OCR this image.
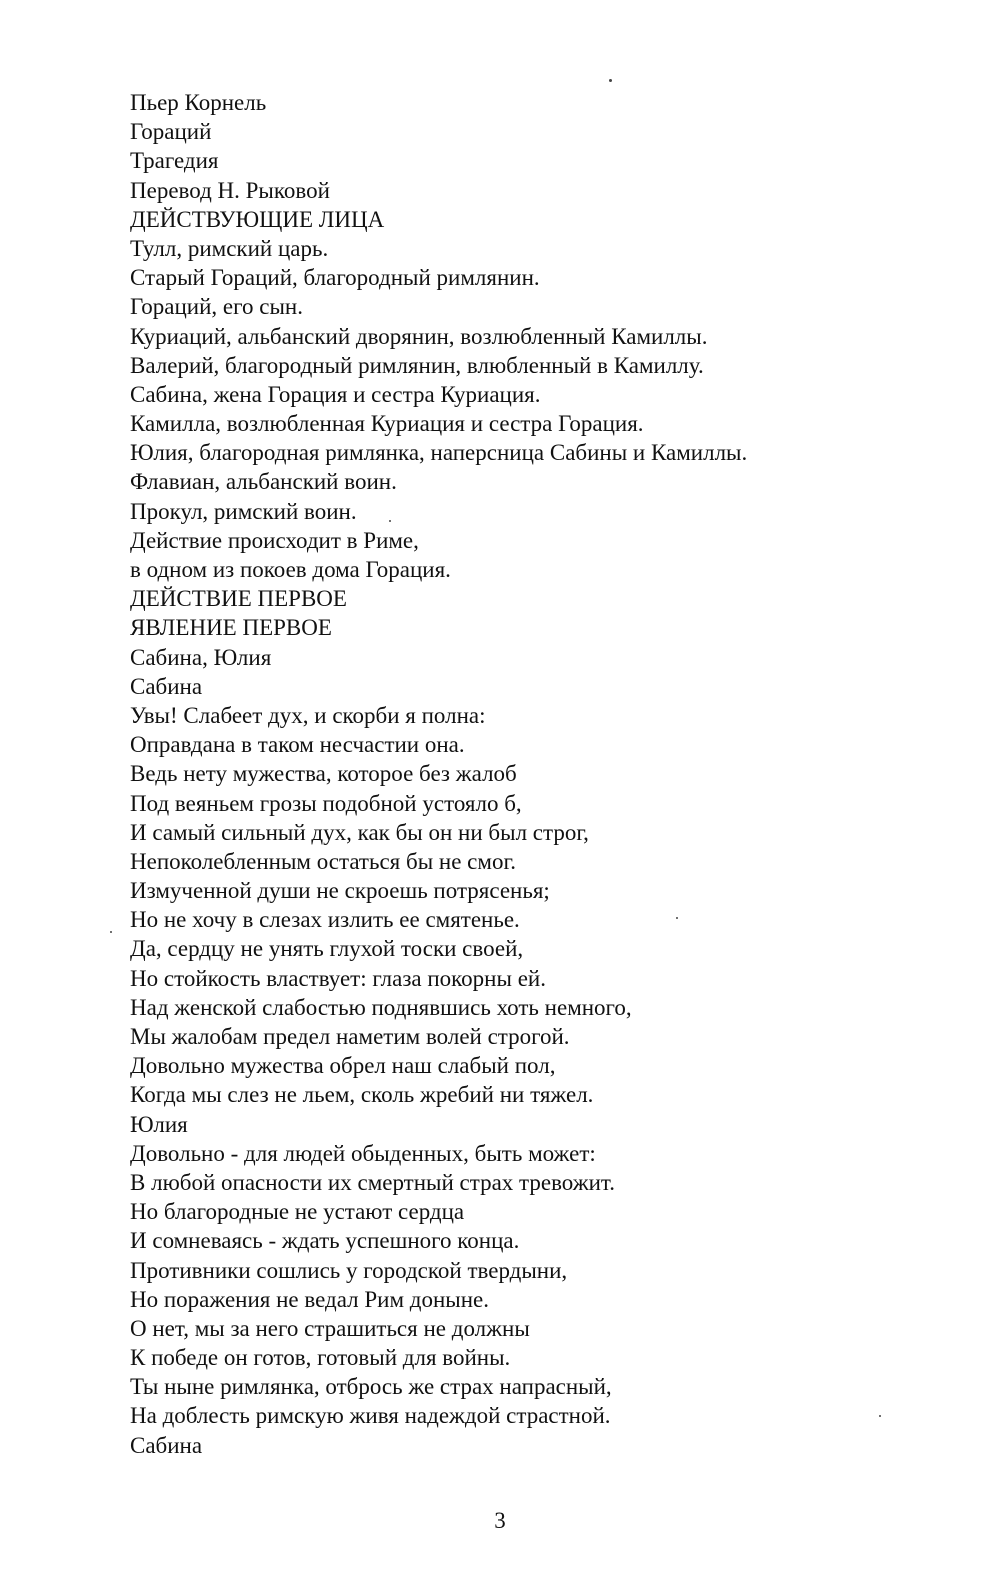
Пьер Корнель
Гораций
Трагедия
Перевод Н. Рыковой
ДЕЙСТВУЮЩИЕ ЛИЦА
Тулл, римский царь.
Старый Гораций, благородный римлянин.
Гораций, его сын.
Куриаций, альбанский дворянин, возлюбленный Камиллы.
Валерий, благородный римлянин, влюбленный в Камиллу.
Сабина, жена Горация и сестра Куриация.
Камилла, возлюбленная Куриация и сестра Горация.
Юлия, благородная римлянка, наперсница Сабины и Камиллы.
Флавиан, альбанский воин.
Прокул, римский воин.
Действие происходит в Риме,
в одном из покоев дома Горация.
ДЕЙСТВИЕ ПЕРВОЕ
ЯВЛЕНИЕ ПЕРВОЕ
Сабина, Юлия
Сабина
Увы! Слабеет дух, и скорби я полна:
Оправдана в таком несчастии она.
Ведь нету мужества, которое без жалоб
Под веяньем грозы подобной устояло б,
И самый сильный дух, как бы он ни был строг,
Непоколебленным остаться бы не смог.
Измученной души не скроешь потрясенья;
Но не хочу в слезах излить ее смятенье.
Да, сердцу не унять глухой тоски своей,
Но стойкость властвует: глаза покорны ей.
Над женской слабостью поднявшись хоть немного,
Мы жалобам предел наметим волей строгой.
Довольно мужества обрел наш слабый пол,
Когда мы слез не льем, сколь жребий ни тяжел.
Юлия
Довольно - для людей обыденных, быть может:
В любой опасности их смертный страх тревожит.
Но благородные не устают сердца
И сомневаясь - ждать успешного конца.
Противники сошлись у городской твердыни,
Но поражения не ведал Рим доныне.
О нет, мы за него страшиться не должны
К победе он готов, готовый для войны.
Ты ныне римлянка, отбрось же страх напрасный,
На доблесть римскую живя надеждой страстной.
Сабина
3
